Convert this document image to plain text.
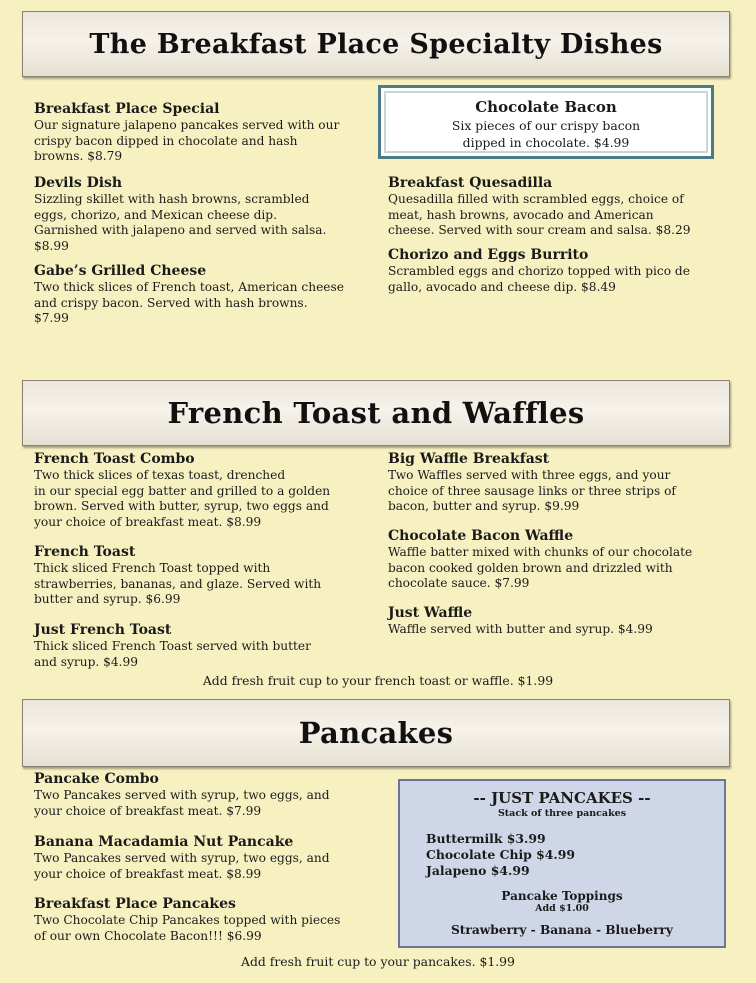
The Breakfast Place Specialty Dishes
Breakfast Place Special
Our signature jalapeno pancakes served with our
crispy bacon dipped in chocolate and hash
browns. $8.79
Devils Dish
Sizzling skillet with hash browns, scrambled
eggs, chorizo, and Mexican cheese dip.
Garnished with jalapeno and served with salsa.
$8.99
Gabe’s Grilled Cheese
Two thick slices of French toast, American cheese
and crispy bacon. Served with hash browns.
$7.99
Chocolate Bacon
Six pieces of our crispy bacon
dipped in chocolate. $4.99
Breakfast Quesadilla
Quesadilla filled with scrambled eggs, choice of
meat, hash browns, avocado and American
cheese. Served with sour cream and salsa. $8.29
Chorizo and Eggs Burrito
Scrambled eggs and chorizo topped with pico de
gallo, avocado and cheese dip. $8.49
French Toast and Waffles
French Toast Combo
Two thick slices of texas toast, drenched
in our special egg batter and grilled to a golden
brown. Served with butter, syrup, two eggs and
your choice of breakfast meat. $8.99
French Toast
Thick sliced French Toast topped with
strawberries, bananas, and glaze. Served with
butter and syrup. $6.99
Just French Toast
Thick sliced French Toast served with butter
and syrup. $4.99
Big Waffle Breakfast
Two Waffles served with three eggs, and your
choice of three sausage links or three strips of
bacon, butter and syrup. $9.99
Chocolate Bacon Waffle
Waffle batter mixed with chunks of our chocolate
bacon cooked golden brown and drizzled with
chocolate sauce. $7.99
Just Waffle
Waffle served with butter and syrup. $4.99
Add fresh fruit cup to your french toast or waffle. $1.99
Pancakes
Pancake Combo
Two Pancakes served with syrup, two eggs, and
your choice of breakfast meat. $7.99
Banana Macadamia Nut Pancake
Two Pancakes served with syrup, two eggs, and
your choice of breakfast meat. $8.99
Breakfast Place Pancakes
Two Chocolate Chip Pancakes topped with pieces
of our own Chocolate Bacon!!! $6.99
-- JUST PANCAKES --
Stack of three pancakes
Buttermilk $3.99
Chocolate Chip $4.99
Jalapeno $4.99
Pancake Toppings
Add $1.00
Strawberry - Banana - Blueberry
Add fresh fruit cup to your pancakes. $1.99
